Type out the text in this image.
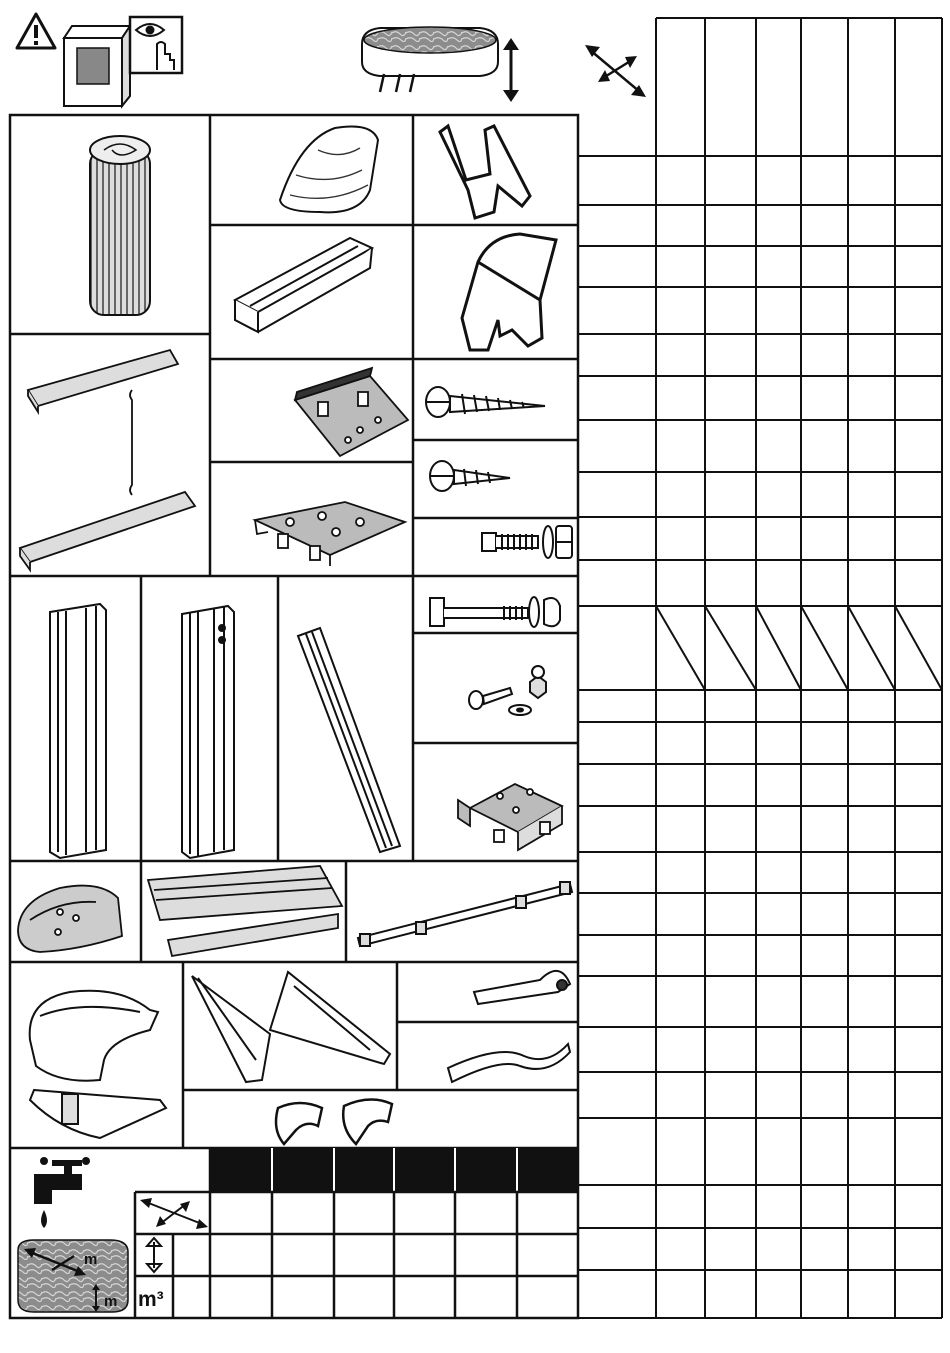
m
m m³
